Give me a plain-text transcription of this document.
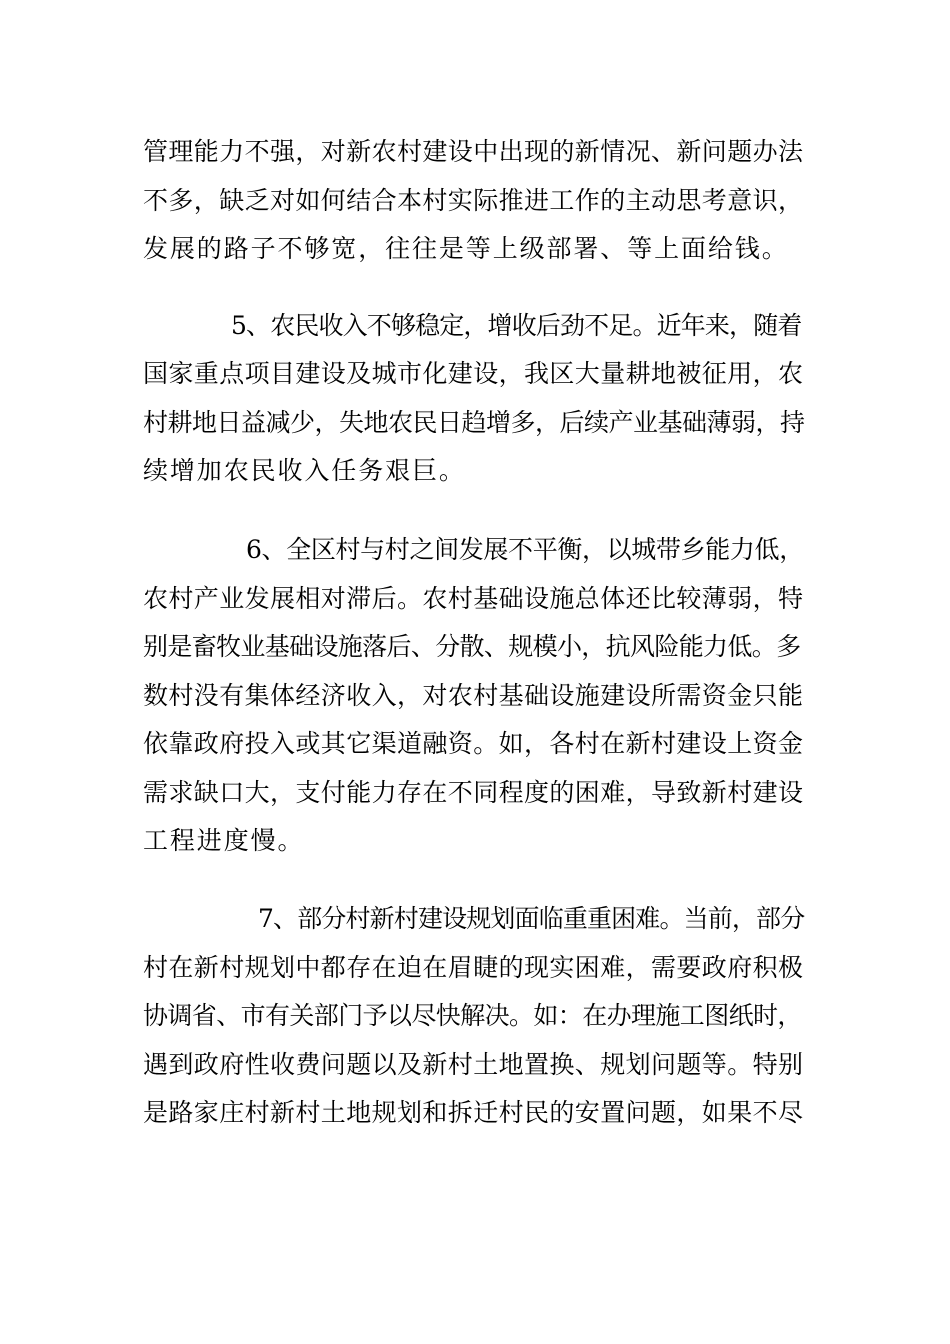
管理能力不强，对新农村建设中出现的新情况、新问题办法
不多，缺乏对如何结合本村实际推进工作的主动思考意识，
发展的路子不够宽，往往是等上级部署、等上面给钱。
5、农民收入不够稳定，增收后劲不足。近年来，随着
国家重点项目建设及城市化建设，我区大量耕地被征用，农
村耕地日益减少，失地农民日趋增多，后续产业基础薄弱，持
续增加农民收入任务艰巨。
6、全区村与村之间发展不平衡，以城带乡能力低，
农村产业发展相对滞后。农村基础设施总体还比较薄弱，特
别是畜牧业基础设施落后、分散、规模小，抗风险能力低。多
数村没有集体经济收入，对农村基础设施建设所需资金只能
依靠政府投入或其它渠道融资。如，各村在新村建设上资金
需求缺口大，支付能力存在不同程度的困难，导致新村建设
工程进度慢。
7、部分村新村建设规划面临重重困难。当前，部分
村在新村规划中都存在迫在眉睫的现实困难，需要政府积极
协调省、市有关部门予以尽快解决。如：在办理施工图纸时，
遇到政府性收费问题以及新村土地置换、规划问题等。特别
是路家庄村新村土地规划和拆迁村民的安置问题，如果不尽
